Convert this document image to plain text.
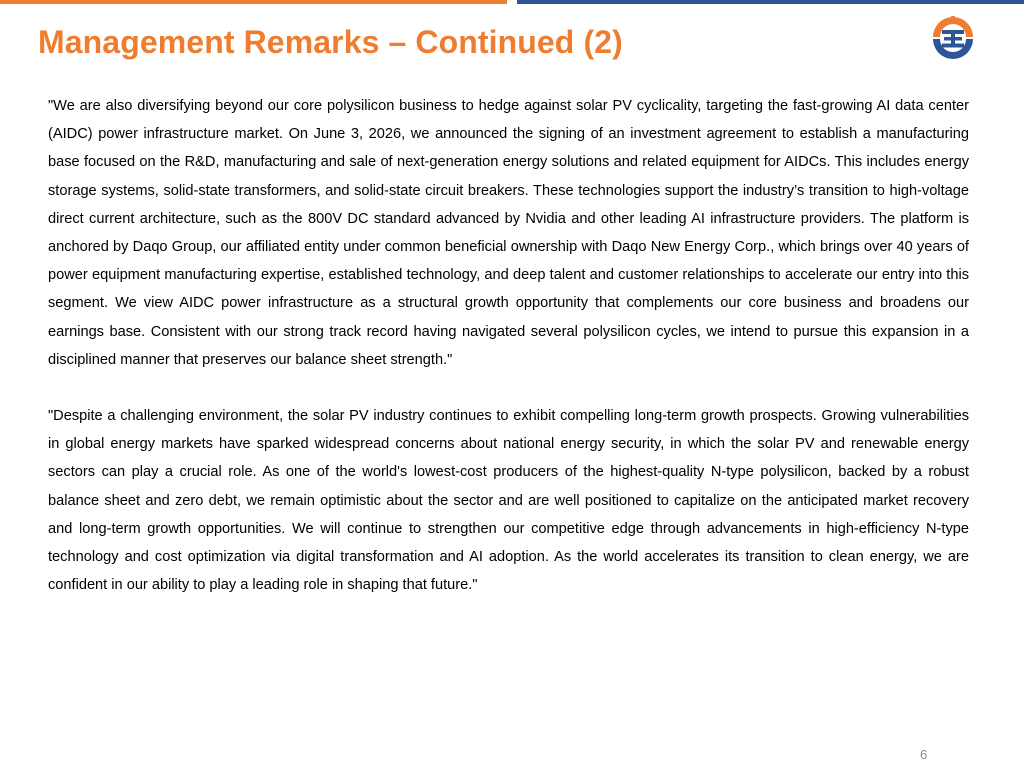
Management Remarks – Continued (2)

"We are also diversifying beyond our core polysilicon business to hedge against solar PV cyclicality, targeting the fast-growing AI data center (AIDC) power infrastructure market. On June 3, 2026, we announced the signing of an investment agreement to establish a manufacturing base focused on the R&D, manufacturing and sale of next-generation energy solutions and related equipment for AIDCs. This includes energy storage systems, solid-state transformers, and solid-state circuit breakers. These technologies support the industry’s transition to high-voltage direct current architecture, such as the 800V DC standard advanced by Nvidia and other leading AI infrastructure providers. The platform is anchored by Daqo Group, our affiliated entity under common beneficial ownership with Daqo New Energy Corp., which brings over 40 years of power equipment manufacturing expertise, established technology, and deep talent and customer relationships to accelerate our entry into this segment. We view AIDC power infrastructure as a structural growth opportunity that complements our core business and broadens our earnings base. Consistent with our strong track record having navigated several polysilicon cycles, we intend to pursue this expansion in a disciplined manner that preserves our balance sheet strength."

"Despite a challenging environment, the solar PV industry continues to exhibit compelling long-term growth prospects. Growing vulnerabilities in global energy markets have sparked widespread concerns about national energy security, in which the solar PV and renewable energy sectors can play a crucial role. As one of the world's lowest-cost producers of the highest-quality N-type polysilicon, backed by a robust balance sheet and zero debt, we remain optimistic about the sector and are well positioned to capitalize on the anticipated market recovery and long-term growth opportunities. We will continue to strengthen our competitive edge through advancements in high-efficiency N-type technology and cost optimization via digital transformation and AI adoption. As the world accelerates its transition to clean energy, we are confident in our ability to play a leading role in shaping that future."

6
